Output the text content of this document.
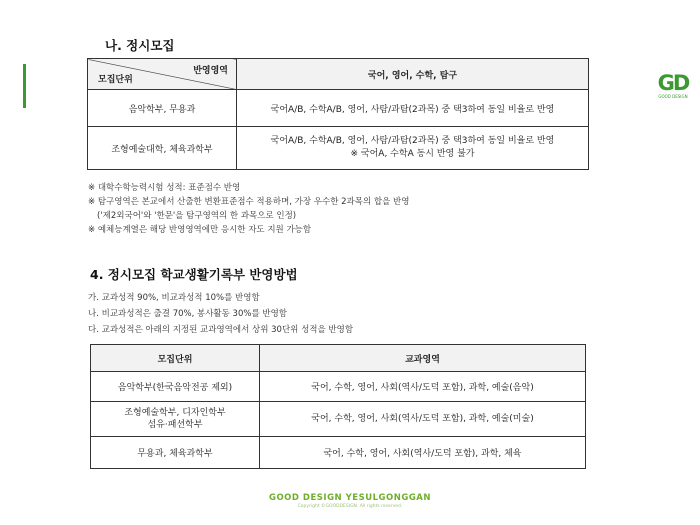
GD
GOOD DESIGN
나. 정시모집
반영영역
모집단위	국어, 영어, 수학, 탐구
음악학부, 무용과	국어A/B, 수학A/B, 영어, 사탐/과탐(2과목) 중 택3하여 동일 비율로 반영

조형예술대학, 체육과학부	국어A/B, 수학A/B, 영어, 사탐/과탐(2과목) 중 택3하여 동일 비율로 반영
※ 국어A, 수학A 동시 반영 불가
※ 대학수학능력시험 성적: 표준점수 반영
※ 탐구영역은 본교에서 산출한 변환표준점수 적용하며, 가장 우수한 2과목의 합을 반영
('제2외국어'와 '한문'을 탐구영역의 한 과목으로 인정)
※ 예체능계열은 해당 반영영역에만 응시한 자도 지원 가능함
4. 정시모집 학교생활기록부 반영방법
가. 교과성적 90%, 비교과성적 10%를 반영함
나. 비교과성적은 출결 70%, 봉사활동 30%를 반영함
다. 교과성적은 아래의 지정된 교과영역에서 상위 30단위 성적을 반영함
모집단위	교과영역
음악학부(한국음악전공 제외)	국어, 수학, 영어, 사회(역사/도덕 포함), 과학, 예술(음악)

조형예술학부, 디자인학부
섬유·패션학부	국어, 수학, 영어, 사회(역사/도덕 포함), 과학, 예술(미술)
무용과, 체육과학부	국어, 수학, 영어, 사회(역사/도덕 포함), 과학, 체육
GOOD DESIGN YESULGONGGAN
Copyright ©GOODDESIGN. All rights reserved.
